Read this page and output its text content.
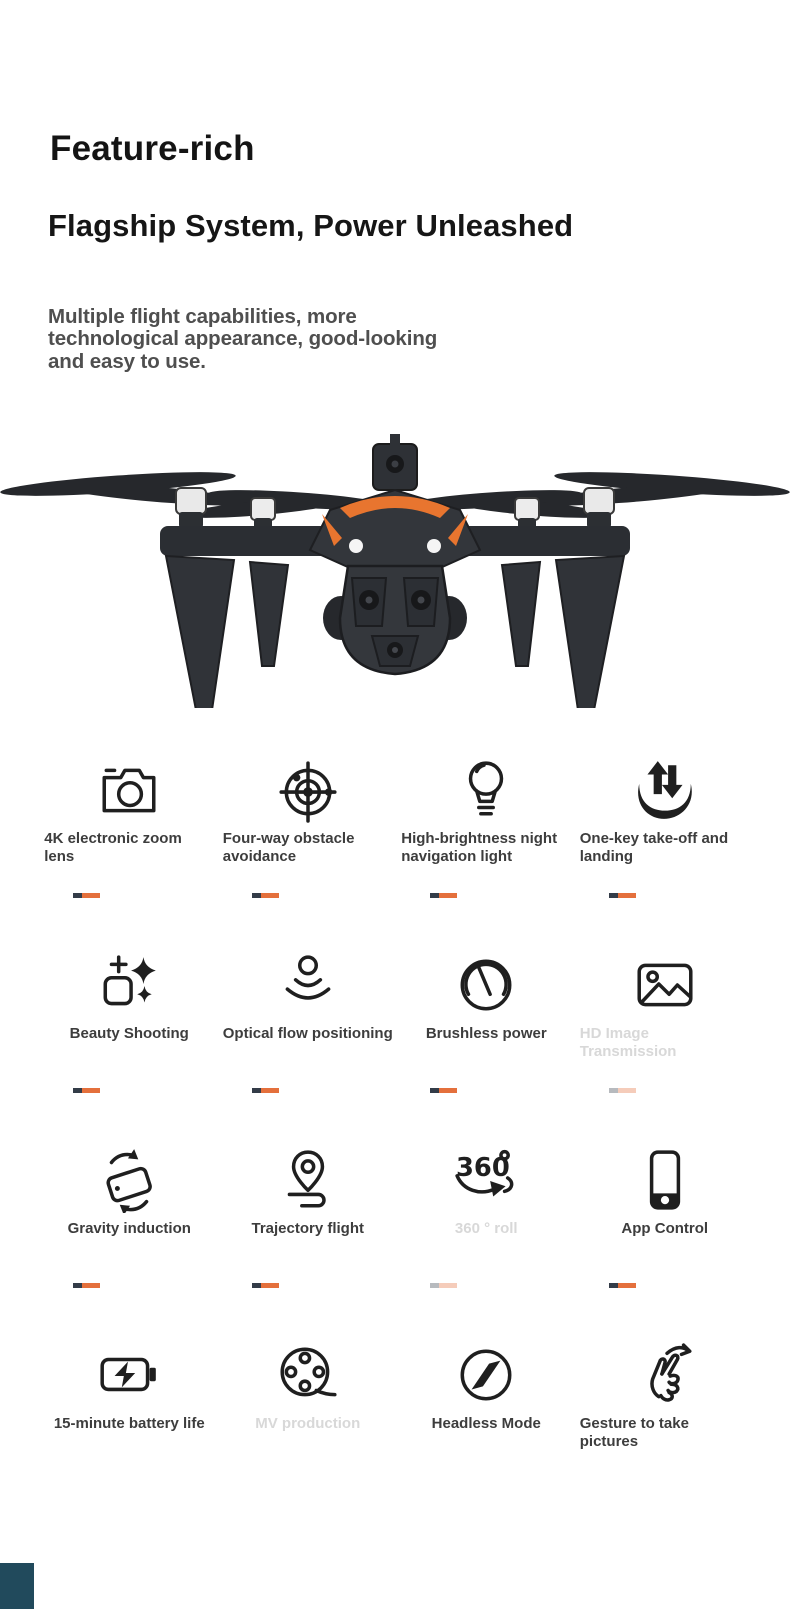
Feature-rich
Flagship System, Power Unleashed

Multiple flight capabilities, more technological appearance, good-looking and easy to use.

4K electronic zoom lens
Four-way obstacle avoidance
High-brightness night navigation light
One-key take-off and landing
Beauty Shooting Optical flow positioning Brushless power HD Image Transmission
Gravity induction	Trajectory flight
360
360 ° roll	App Control
15-minute battery life	MV production	Headless Mode	Gesture to take pictures
